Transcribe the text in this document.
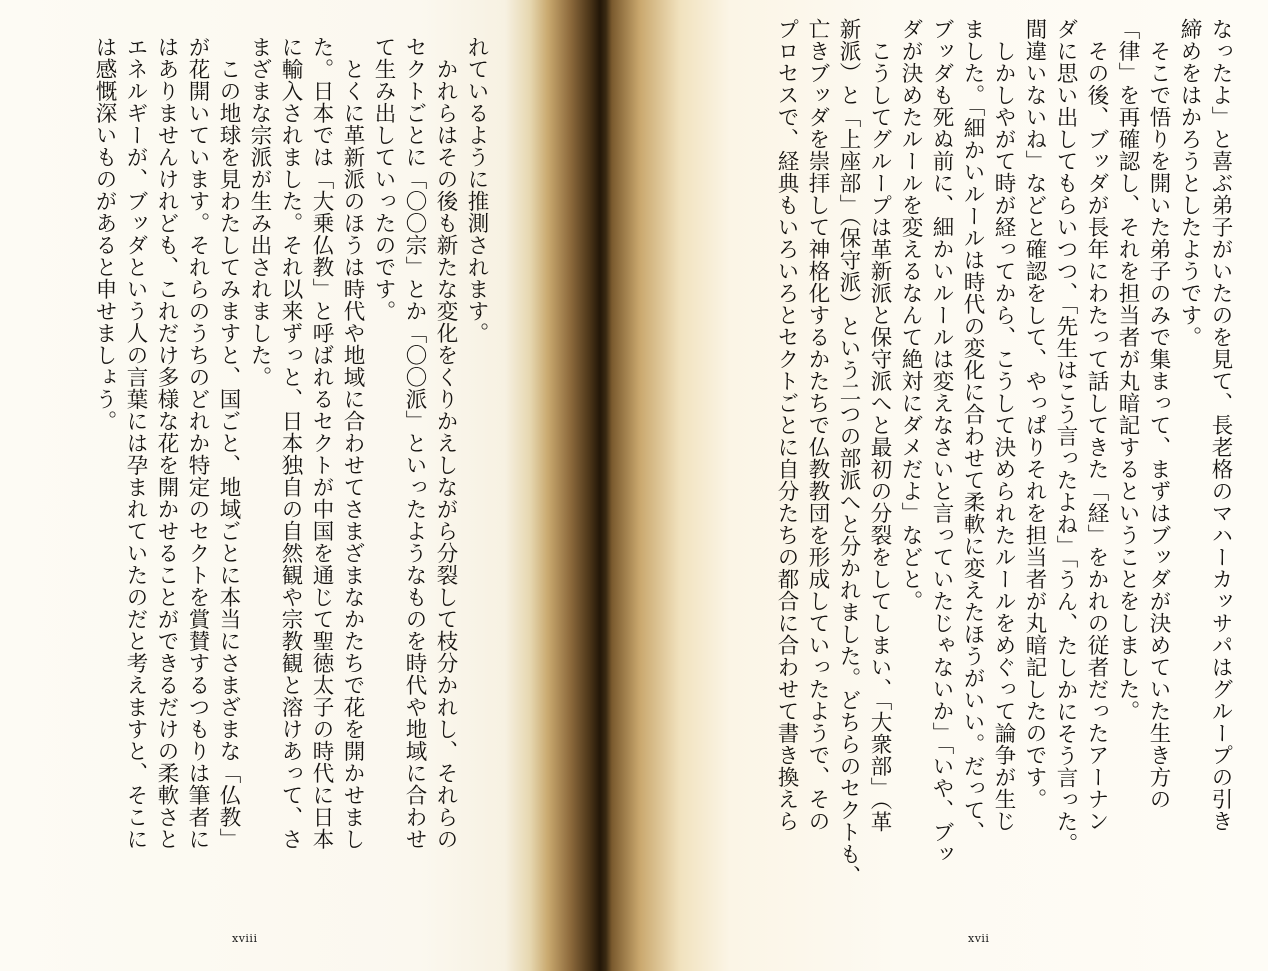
なったよ」と喜ぶ弟子がいたのを見て、長老格のマハーカッサパはグループの引き
締めをはかろうとしたようです。

　そこで悟りを開いた弟子のみで集まって、まずはブッダが決めていた生き方の
「律」を再確認し、それを担当者が丸暗記するということをしました。

　その後、ブッダが長年にわたって話してきた「経」をかれの従者だったアーナン
ダに思い出してもらいつつ、「先生はこう言ったよね」「うん、たしかにそう言った。
間違いないね」などと確認をして、やっぱりそれを担当者が丸暗記したのです。

　しかしやがて時が経ってから、こうして決められたルールをめぐって論争が生じ
ました。「細かいルールは時代の変化に合わせて柔軟に変えたほうがいい。だって、
ブッダも死ぬ前に、細かいルールは変えなさいと言っていたじゃないか」「いや、ブッ
ダが決めたルールを変えるなんて絶対にダメだよ」などと。

　こうしてグループは革新派と保守派へと最初の分裂をしてしまい、「大衆部」（革
新派）と「上座部」（保守派）という二つの部派へと分かれました。どちらのセクトも、
亡きブッダを崇拝して神格化するかたちで仏教教団を形成していったようで、その
プロセスで、経典もいろいろとセクトごとに自分たちの都合に合わせて書き換えら

れているように推測されます。

　かれらはその後も新たな変化をくりかえしながら分裂して枝分かれし、それらの
セクトごとに「〇〇宗」とか「〇〇派」といったようなものを時代や地域に合わせ
て生み出していったのです。

　とくに革新派のほうは時代や地域に合わせてさまざまなかたちで花を開かせまし
た。日本では「大乗仏教」と呼ばれるセクトが中国を通じて聖徳太子の時代に日本
に輸入されました。それ以来ずっと、日本独自の自然観や宗教観と溶けあって、さ
まざまな宗派が生み出されました。

　この地球を見わたしてみますと、国ごと、地域ごとに本当にさまざまな「仏教」
が花開いています。それらのうちのどれか特定のセクトを賞賛するつもりは筆者に
はありませんけれども、これだけ多様な花を開かせることができるだけの柔軟さと
エネルギーが、ブッダという人の言葉には孕まれていたのだと考えますと、そこに
は感慨深いものがあると申せましょう。

xviii	xvii
